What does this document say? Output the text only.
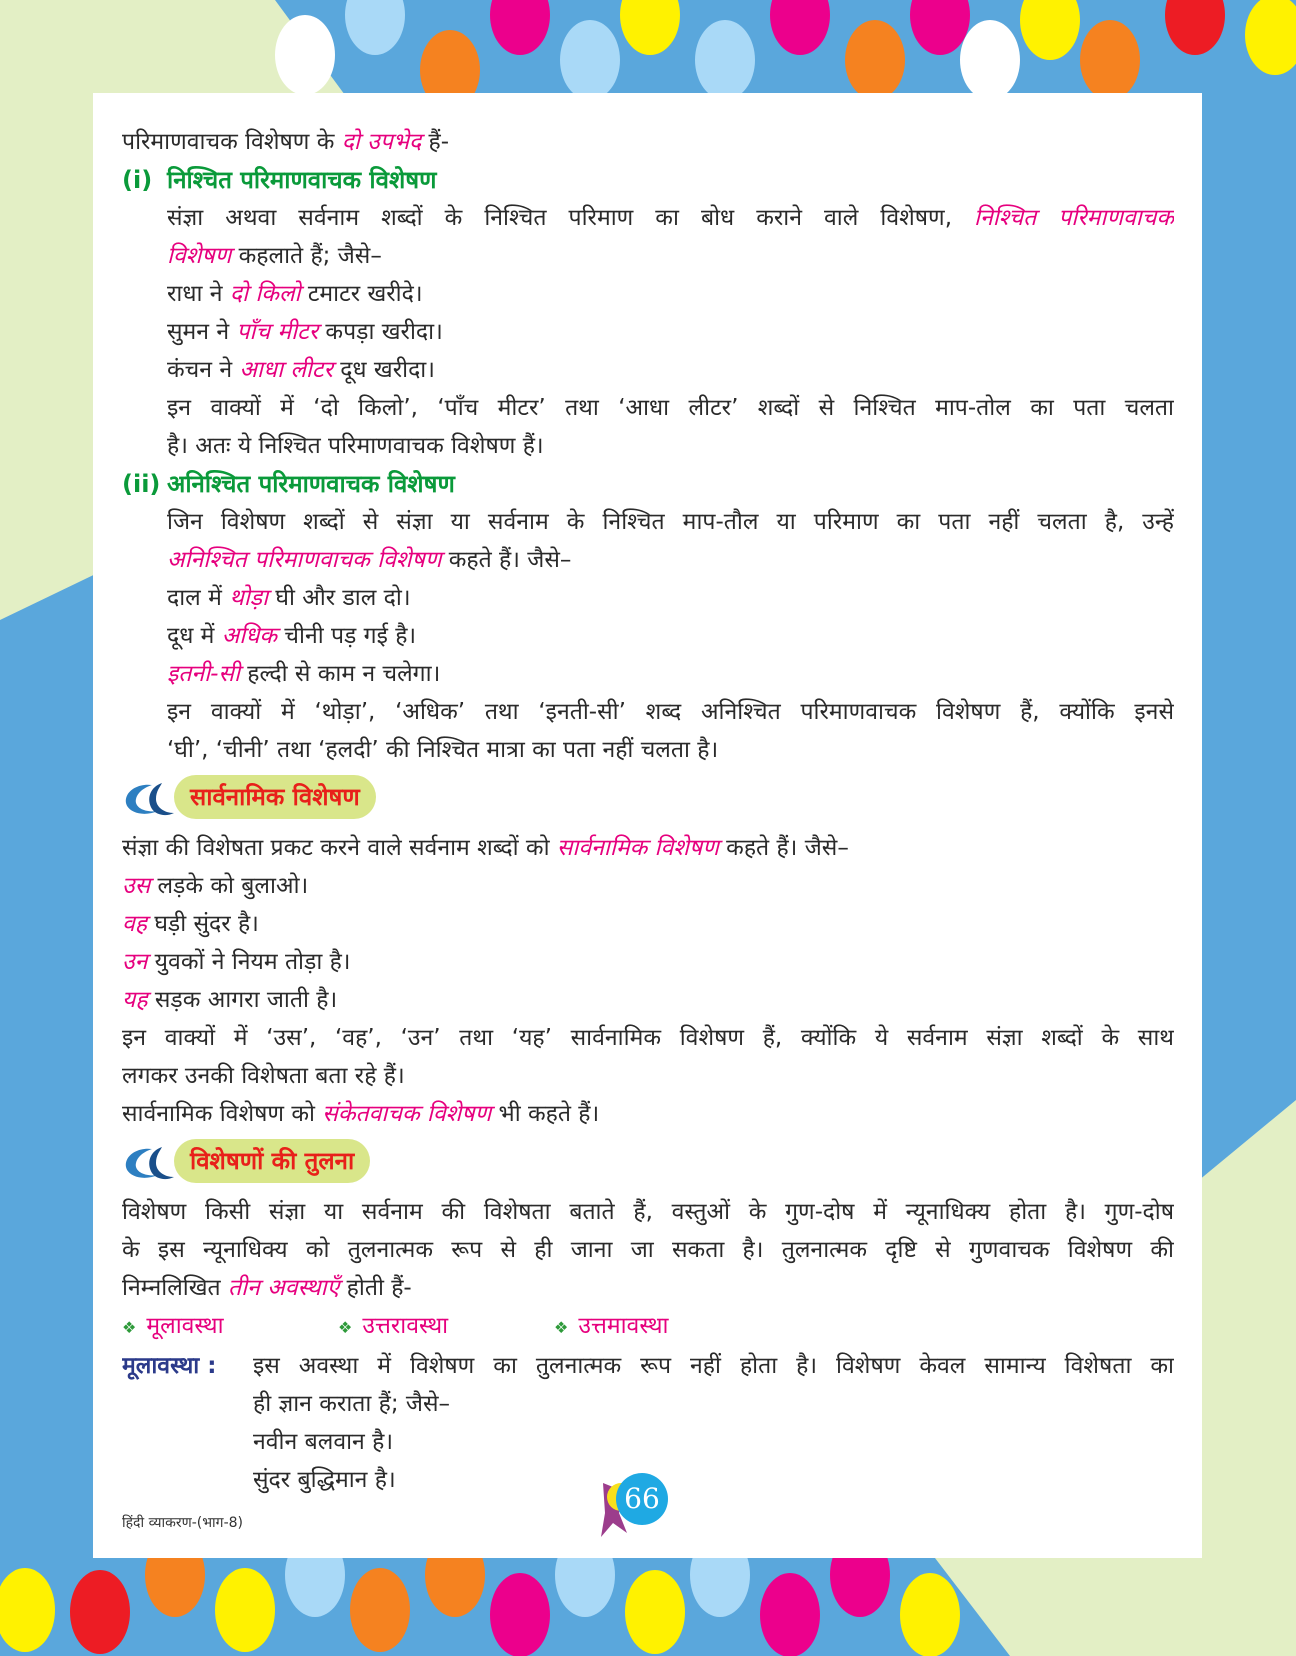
परिमाणवाचक विशेषण के दो उपभेद हैं-
(i) निश्चित परिमाणवाचक विशेषण
संज्ञा अथवा सर्वनाम शब्दों के निश्चित परिमाण का बोध कराने वाले विशेषण, निश्चित परिमाणवाचक
विशेषण कहलाते हैं; जैसे–
राधा ने दो किलो टमाटर खरीदे।
सुमन ने पाँच मीटर कपड़ा खरीदा।
कंचन ने आधा लीटर दूध खरीदा।
इन वाक्यों में ‘दो किलो’, ‘पाँच मीटर’ तथा ‘आधा लीटर’ शब्दों से निश्चित माप-तोल का पता चलता
है। अतः ये निश्चित परिमाणवाचक विशेषण हैं।
(ii) अनिश्चित परिमाणवाचक विशेषण
जिन विशेषण शब्दों से संज्ञा या सर्वनाम के निश्चित माप-तौल या परिमाण का पता नहीं चलता है, उन्हें
अनिश्चित परिमाणवाचक विशेषण कहते हैं। जैसे–
दाल में थोड़ा घी और डाल दो।
दूध में अधिक चीनी पड़ गई है।
इतनी-सी हल्दी से काम न चलेगा।
इन वाक्यों में ‘थोड़ा’, ‘अधिक’ तथा ‘इनती-सी’ शब्द अनिश्चित परिमाणवाचक विशेषण हैं, क्योंकि इनसे
‘घी’, ‘चीनी’ तथा ‘हलदी’ की निश्चित मात्रा का पता नहीं चलता है।
सार्वनामिक विशेषण
संज्ञा की विशेषता प्रकट करने वाले सर्वनाम शब्दों को सार्वनामिक विशेषण कहते हैं। जैसे–
उस लड़के को बुलाओ।
वह घड़ी सुंदर है।
उन युवकों ने नियम तोड़ा है।
यह सड़क आगरा जाती है।
इन वाक्यों में ‘उस’, ‘वह’, ‘उन’ तथा ‘यह’ सार्वनामिक विशेषण हैं, क्योंकि ये सर्वनाम संज्ञा शब्दों के साथ
लगकर उनकी विशेषता बता रहे हैं।
सार्वनामिक विशेषण को संकेतवाचक विशेषण भी कहते हैं।
विशेषणों की तुलना
विशेषण किसी संज्ञा या सर्वनाम की विशेषता बताते हैं, वस्तुओं के गुण-दोष में न्यूनाधिक्य होता है। गुण-दोष
के इस न्यूनाधिक्य को तुलनात्मक रूप से ही जाना जा सकता है। तुलनात्मक दृष्टि से गुणवाचक विशेषण की
निम्नलिखित तीन अवस्थाएँ होती हैं-
❖ मूलावस्था	❖ उत्तरावस्था	❖ उत्तमावस्था
मूलावस्था :	इस अवस्था में विशेषण का तुलनात्मक रूप नहीं होता है। विशेषण केवल सामान्य विशेषता का
ही ज्ञान कराता हैं; जैसे–
नवीन बलवान है।
सुंदर बुद्धिमान है।
हिंदी व्याकरण-(भाग-8)
66
